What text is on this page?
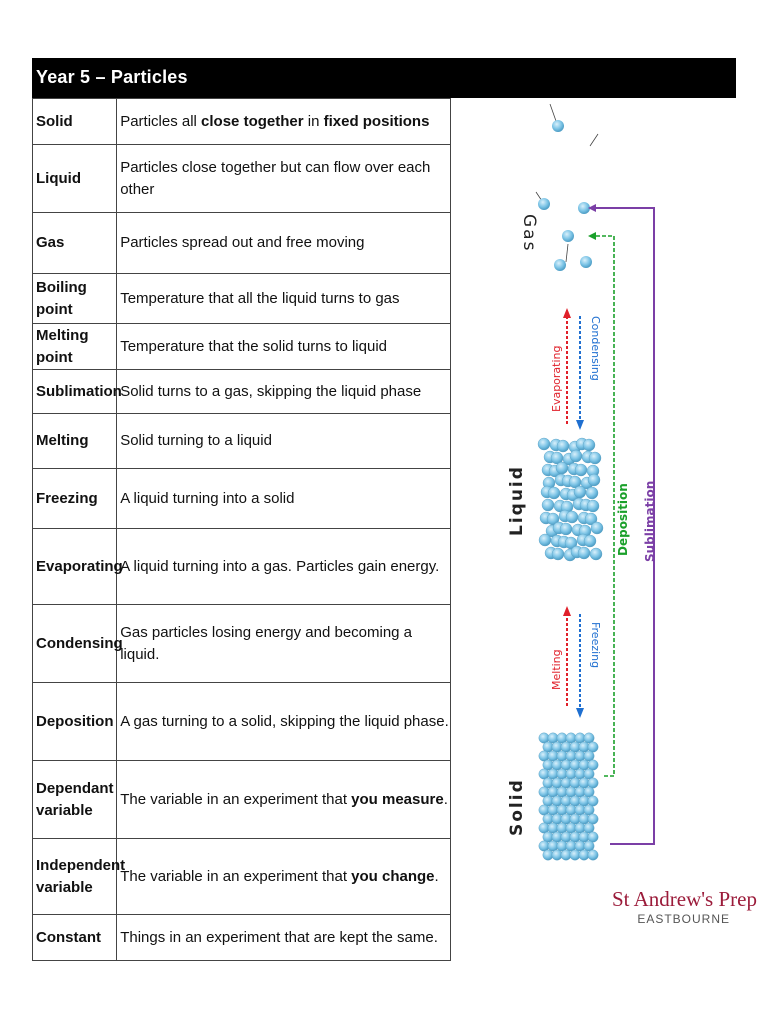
Year 5 – Particles
Solid	Particles all close together in fixed positions
Liquid	Particles close together but can flow over each other
Gas	Particles spread out and free moving
Boiling point	Temperature that all the liquid turns to gas
Melting point	Temperature that the solid turns to liquid
Sublimation	Solid turns to a gas, skipping the liquid phase
Melting	Solid turning to a liquid
Freezing	A liquid turning into a solid
Evaporating	A liquid turning into a gas. Particles gain energy.
Condensing	Gas particles losing energy and becoming a liquid.
Deposition	A gas turning to a solid, skipping the liquid phase.
Dependant variable	The variable in an experiment that you measure.
Independent variable	The variable in an experiment that you change.
Constant	Things in an experiment that are kept the same.
Gas
Evaporating Condensing
Liquid
Melting
Freezing
Solid
Deposition Sublimation
St Andrew's Prep
EASTBOURNE
